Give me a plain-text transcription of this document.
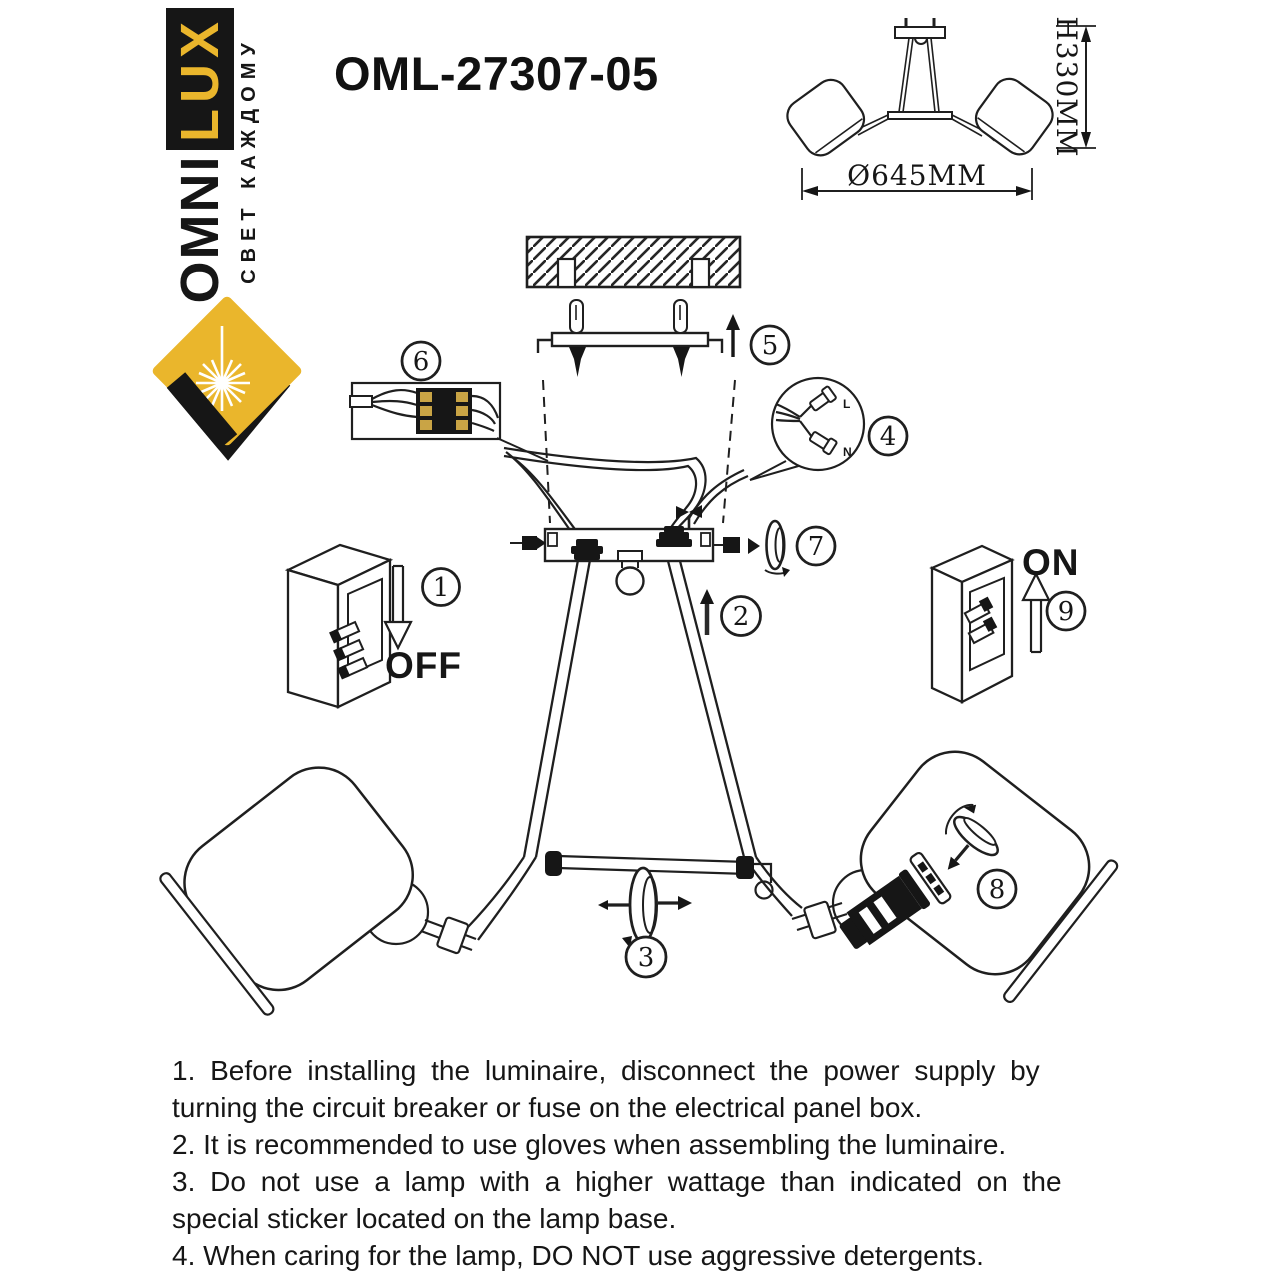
H330MM
Ø645MM
L
N
OFF
ON
1
2
3
4
5
6
7
8
9
OMNI
LUX СВЕТ КАЖДОМУ OML-27307-05
1. Before installing the luminaire, disconnect the power supply by
turning the circuit breaker or fuse on the electrical panel box.
2. It is recommended to use gloves when assembling the luminaire.
3. Do not use a lamp with a higher wattage than indicated on the
special sticker located on the lamp base.
4. When caring for the lamp, DO NOT use aggressive detergents.
